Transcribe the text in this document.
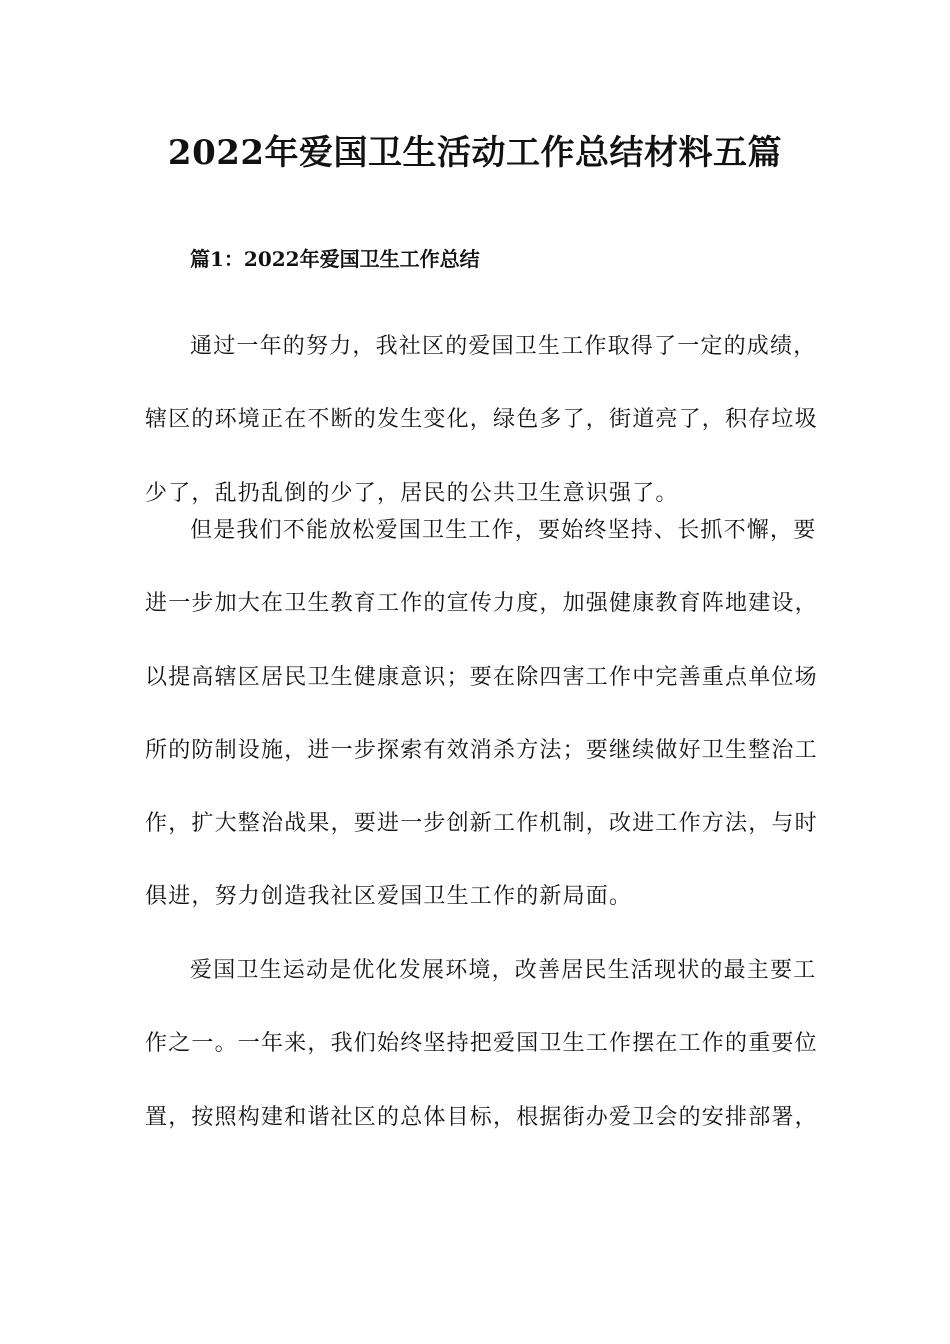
2022年爱国卫生活动工作总结材料五篇
篇1：2022年爱国卫生工作总结

通过一年的努力，我社区的爱国卫生工作取得了一定的成绩，
辖区的环境正在不断的发生变化，绿色多了，街道亮了，积存垃圾
少了，乱扔乱倒的少了，居民的公共卫生意识强了。

但是我们不能放松爱国卫生工作，要始终坚持、长抓不懈，要
进一步加大在卫生教育工作的宣传力度，加强健康教育阵地建设，
以提高辖区居民卫生健康意识；要在除四害工作中完善重点单位场
所的防制设施，进一步探索有效消杀方法；要继续做好卫生整治工
作，扩大整治战果，要进一步创新工作机制，改进工作方法，与时
俱进，努力创造我社区爱国卫生工作的新局面。

爱国卫生运动是优化发展环境，改善居民生活现状的最主要工
作之一。一年来，我们始终坚持把爱国卫生工作摆在工作的重要位
置，按照构建和谐社区的总体目标，根据街办爱卫会的安排部署，
